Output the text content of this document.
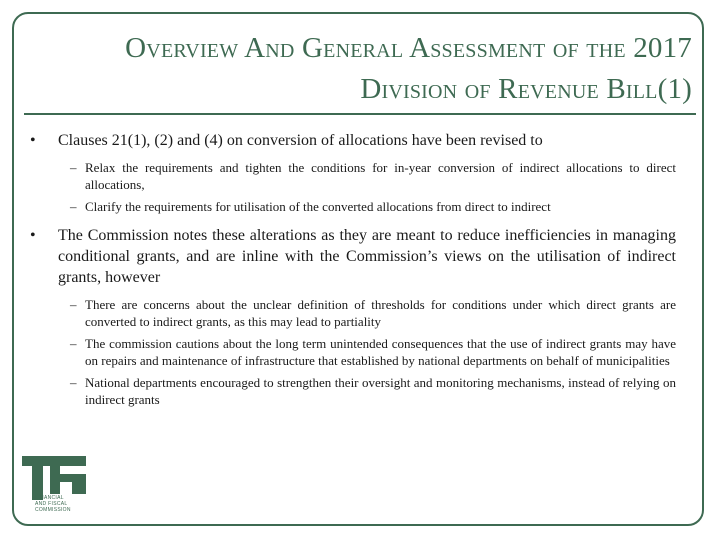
Overview And General Assessment of the 2017
Division of Revenue Bill(1)
• Clauses 21(1), (2) and (4) on conversion of allocations have been revised to
– Relax the requirements and tighten the conditions for in-year conversion of indirect allocations to direct allocations,
– Clarify the requirements for utilisation of the converted allocations from direct to indirect
• The Commission notes these alterations as they are meant to reduce inefficiencies in managing conditional grants, and are inline with the Commission’s views on the utilisation of indirect grants, however
– There are concerns about the unclear definition of thresholds for conditions under which direct grants are converted to indirect grants, as this may lead to partiality
– The commission cautions about the long term unintended consequences that the use of indirect grants may have on repairs and maintenance of infrastructure that established by national departments on behalf of municipalities
– National departments encouraged to strengthen their oversight and monitoring mechanisms, instead of relying on indirect grants
FINANCIAL
AND FISCAL
COMMISSION
